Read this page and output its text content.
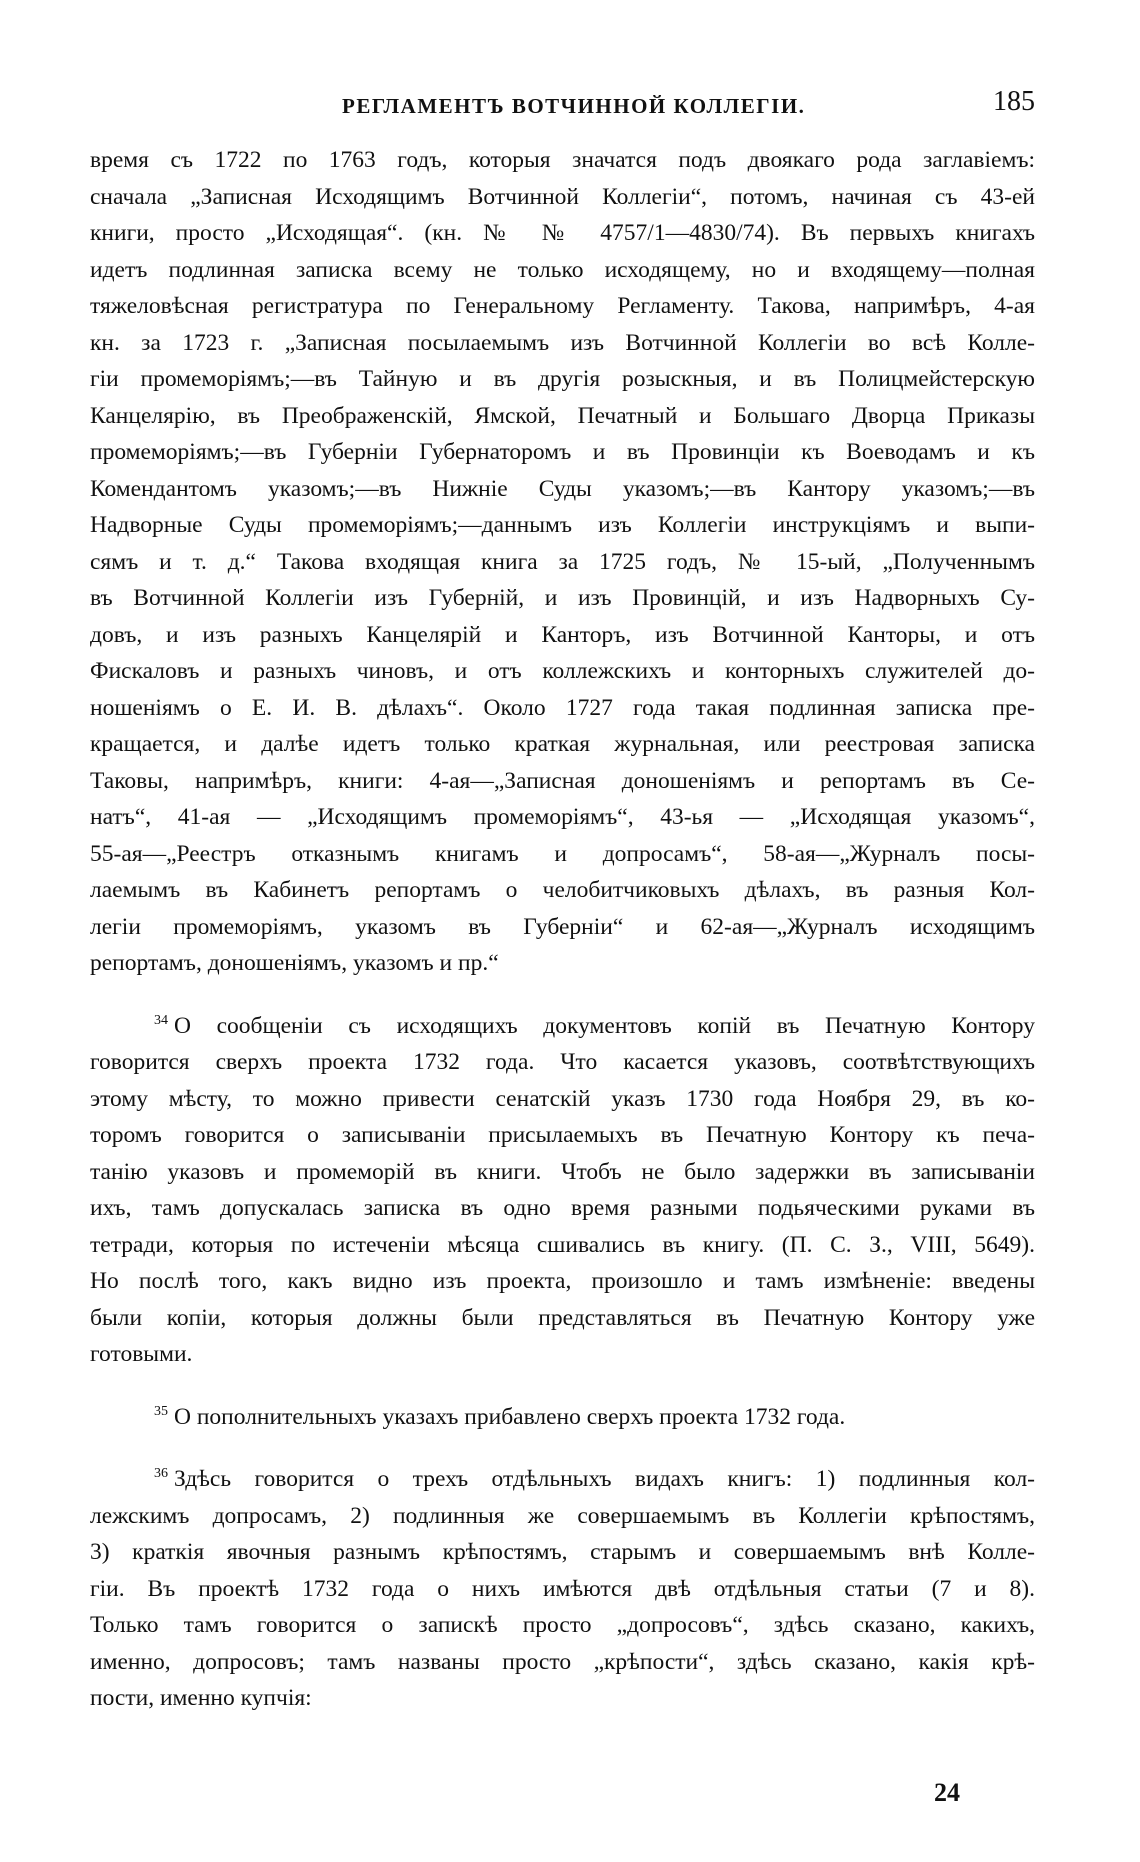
РЕГЛАМЕНТЪ ВОТЧИННОЙ КОЛЛЕГІИ.	185

время съ 1722 по 1763 годъ, которыя значатся подъ двоякаго рода заглавіемъ:
сначала „Записная Исходящимъ Вотчинной Коллегіи“, потомъ, начиная съ 43-ей
книги, просто „Исходящая“. (кн. № № 4757/1—4830/74). Въ первыхъ книгахъ
идетъ подлинная записка всему не только исходящему, но и входящему—полная
тяжеловѣсная регистратура по Генеральному Регламенту. Такова, напримѣръ, 4-ая
кн. за 1723 г. „Записная посылаемымъ изъ Вотчинной Коллегіи во всѣ Колле-
гіи промеморіямъ;—въ Тайную и въ другія розыскныя, и въ Полицмейстерскую
Канцелярію, въ Преображенскій, Ямской, Печатный и Большаго Дворца Приказы
промеморіямъ;—въ Губерніи Губернаторомъ и въ Провинціи къ Воеводамъ и къ
Комендантомъ указомъ;—въ Нижніе Суды указомъ;—въ Кантору указомъ;—въ
Надворные Суды промеморіямъ;—даннымъ изъ Коллегіи инструкціямъ и выпи-
сямъ и т. д.“ Такова входящая книга за 1725 годъ, № 15-ый, „Полученнымъ
въ Вотчинной Коллегіи изъ Губерній, и изъ Провинцій, и изъ Надворныхъ Су-
довъ, и изъ разныхъ Канцелярій и Канторъ, изъ Вотчинной Канторы, и отъ
Фискаловъ и разныхъ чиновъ, и отъ коллежскихъ и конторныхъ служителей до-
ношеніямъ о Е. И. В. дѣлахъ“. Около 1727 года такая подлинная записка пре-
кращается, и далѣе идетъ только краткая журнальная, или реестровая записка
Таковы, напримѣръ, книги: 4-ая—„Записная доношеніямъ и репортамъ въ Се-
натъ“, 41-ая — „Исходящимъ промеморіямъ“, 43-ья — „Исходящая указомъ“,
55-ая—„Реестръ отказнымъ книгамъ и допросамъ“, 58-ая—„Журналъ посы-
лаемымъ въ Кабинетъ репортамъ о челобитчиковыхъ дѣлахъ, въ разныя Кол-
легіи промеморіямъ, указомъ въ Губерніи“ и 62-ая—„Журналъ исходящимъ
репортамъ, доношеніямъ, указомъ и пр.“

$^{34}$ О сообщеніи съ исходящихъ документовъ копій въ Печатную Контору
говорится сверхъ проекта 1732 года. Что касается указовъ, соотвѣтствующихъ
этому мѣсту, то можно привести сенатскій указъ 1730 года Ноября 29, въ ко-
торомъ говорится о записываніи присылаемыхъ въ Печатную Контору къ печа-
танію указовъ и промеморій въ книги. Чтобъ не было задержки въ записываніи
ихъ, тамъ допускалась записка въ одно время разными подьяческими руками въ
тетради, которыя по истеченіи мѣсяца сшивались въ книгу. (П. С. З., VIII, 5649).
Но послѣ того, какъ видно изъ проекта, произошло и тамъ измѣненіе: введены
были копіи, которыя должны были представляться въ Печатную Контору уже
готовыми.

$^{35}$ О пополнительныхъ указахъ прибавлено сверхъ проекта 1732 года.

$^{36}$ Здѣсь говорится о трехъ отдѣльныхъ видахъ книгъ: 1) подлинныя кол-
лежскимъ допросамъ, 2) подлинныя же совершаемымъ въ Коллегіи крѣпостямъ,
3) краткія явочныя разнымъ крѣпостямъ, старымъ и совершаемымъ внѣ Колле-
гіи. Въ проектѣ 1732 года о нихъ имѣются двѣ отдѣльныя статьи (7 и 8).
Только тамъ говорится о запискѣ просто „допросовъ“, здѣсь сказано, какихъ,
именно, допросовъ; тамъ названы просто „крѣпости“, здѣсь сказано, какія крѣ-
пости, именно купчія:

24
